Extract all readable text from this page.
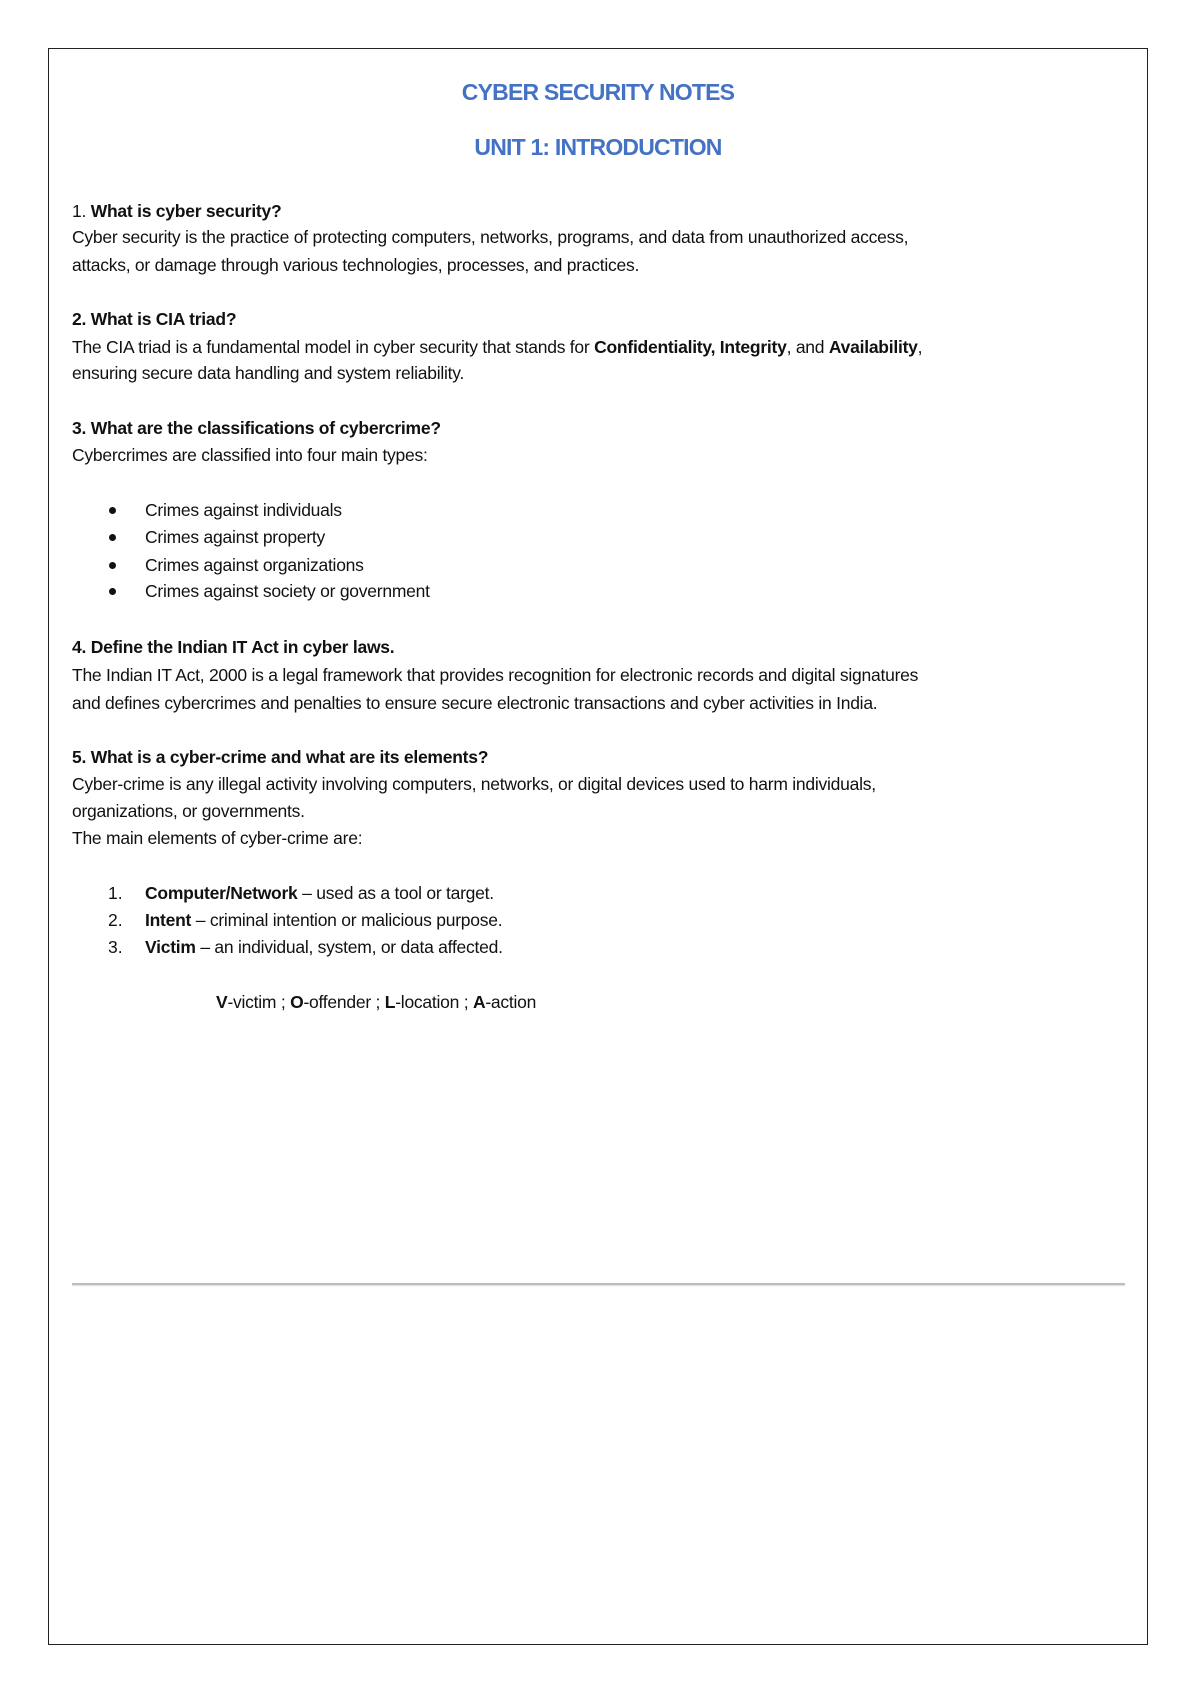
CYBER SECURITY NOTES
UNIT 1: INTRODUCTION
1. What is cyber security?
Cyber security is the practice of protecting computers, networks, programs, and data from unauthorized access,
attacks, or damage through various technologies, processes, and practices.
2. What is CIA triad?
The CIA triad is a fundamental model in cyber security that stands for Confidentiality, Integrity, and Availability,
ensuring secure data handling and system reliability.
3. What are the classifications of cybercrime?
Cybercrimes are classified into four main types:
Crimes against individuals
Crimes against property
Crimes against organizations
Crimes against society or government
4. Define the Indian IT Act in cyber laws.
The Indian IT Act, 2000 is a legal framework that provides recognition for electronic records and digital signatures
and defines cybercrimes and penalties to ensure secure electronic transactions and cyber activities in India.
5. What is a cyber-crime and what are its elements?
Cyber-crime is any illegal activity involving computers, networks, or digital devices used to harm individuals,
organizations, or governments.
The main elements of cyber-crime are:
1. Computer/Network – used as a tool or target.
2. Intent – criminal intention or malicious purpose.
3. Victim – an individual, system, or data affected.
V-victim ; O-offender ; L-location ; A-action
